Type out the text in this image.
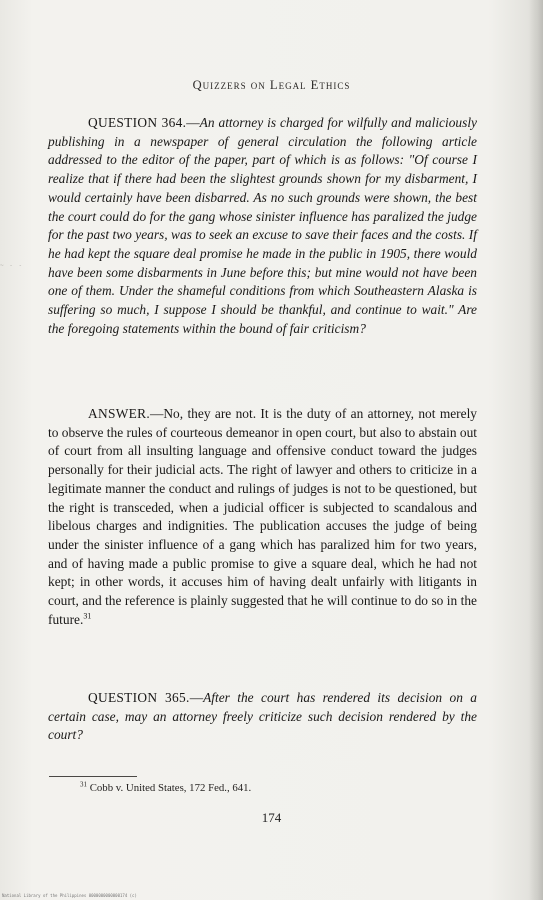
Quizzers on Legal Ethics

QUESTION 364.—An attorney is charged for wilfully and maliciously publishing in a newspaper of general circulation the following article addressed to the editor of the paper, part of which is as follows: "Of course I realize that if there had been the slightest grounds shown for my disbarment, I would certainly have been disbarred. As no such grounds were shown, the best the court could do for the gang whose sinister influence has paralized the judge for the past two years, was to seek an excuse to save their faces and the costs. If he had kept the square deal promise he made in the public in 1905, there would have been some disbarments in June before this; but mine would not have been one of them. Under the shameful conditions from which Southeastern Alaska is suffering so much, I suppose I should be thankful, and continue to wait." Are the foregoing statements within the bound of fair criticism?

ANSWER.—No, they are not. It is the duty of an attorney, not merely to observe the rules of courteous demeanor in open court, but also to abstain out of court from all insulting language and offensive conduct toward the judges personally for their judicial acts. The right of lawyer and others to criticize in a legitimate manner the conduct and rulings of judges is not to be questioned, but the right is transceded, when a judicial officer is subjected to scandalous and libelous charges and indignities. The publication accuses the judge of being under the sinister influence of a gang which has paralized him for two years, and of having made a public promise to give a square deal, which he had not kept; in other words, it accuses him of having dealt unfairly with litigants in court, and the reference is plainly suggested that he will continue to do so in the future.$^{31}$

QUESTION 365.—After the court has rendered its decision on a certain case, may an attorney freely criticize such decision rendered by the court?

$^{31}$ Cobb v. United States, 172 Fed., 641.
174
~ - -
National Library of the Philippines 0000000000000174 (c)
